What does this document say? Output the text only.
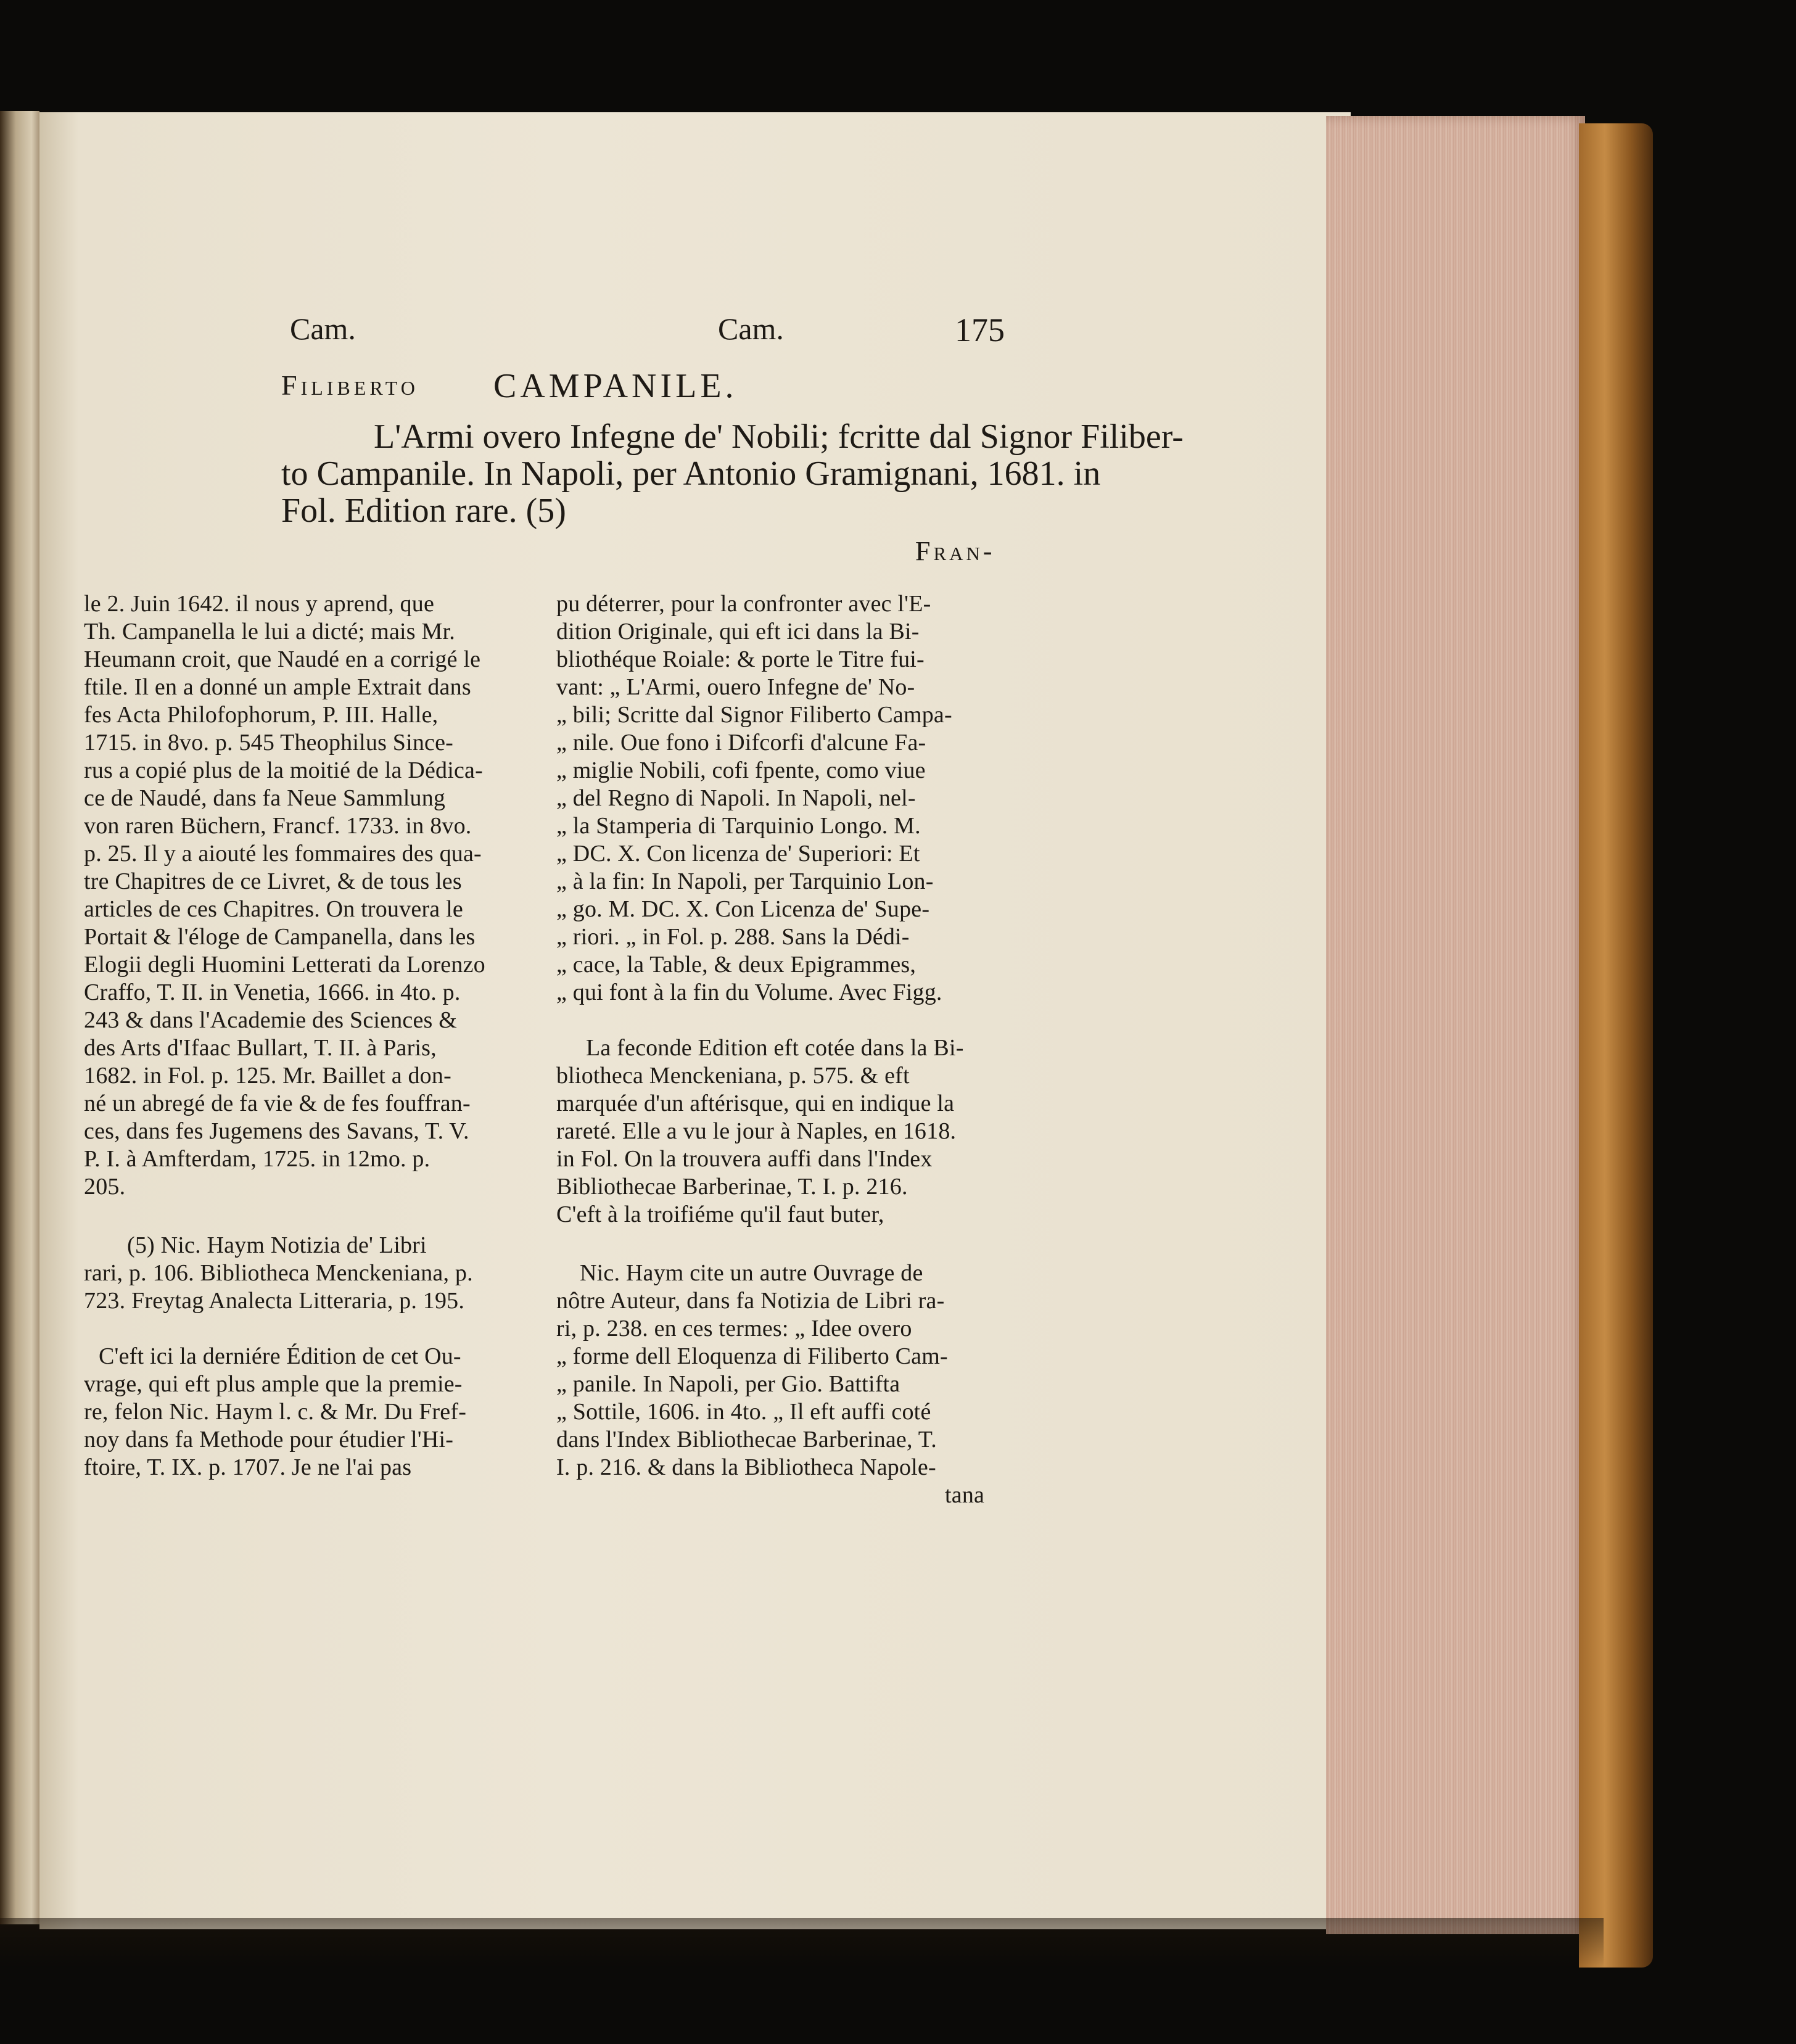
Cam.	Cam.	175
Filiberto CAMPANILE.
L'Armi overo Infegne de' Nobili; fcritte dal Signor Filiber-
to Campanile. In Napoli, per Antonio Gramignani, 1681. in
Fol. Edition rare. (5)
Fran-
le 2. Juin 1642. il nous y aprend, que
Th. Campanella le lui a dicté; mais Mr.
Heumann croit, que Naudé en a corrigé le
ftile. Il en a donné un ample Extrait dans
fes Acta Philofophorum, P. III. Halle,
1715. in 8vo. p. 545 Theophilus Since-
rus a copié plus de la moitié de la Dédica-
ce de Naudé, dans fa Neue Sammlung
von raren Büchern, Francf. 1733. in 8vo.
p. 25. Il y a aiouté les fommaires des qua-
tre Chapitres de ce Livret, & de tous les
articles de ces Chapitres. On trouvera le
Portait & l'éloge de Campanella, dans les
Elogii degli Huomini Letterati da Lorenzo
Craffo, T. II. in Venetia, 1666. in 4to. p.
243 & dans l'Academie des Sciences &
des Arts d'Ifaac Bullart, T. II. à Paris,
1682. in Fol. p. 125. Mr. Baillet a don-
né un abregé de fa vie & de fes fouffran-
ces, dans fes Jugemens des Savans, T. V.
P. I. à Amfterdam, 1725. in 12mo. p.
205.
(5) Nic. Haym Notizia de' Libri
rari, p. 106. Bibliotheca Menckeniana, p.
723. Freytag Analecta Litteraria, p. 195.
C'eft ici la derniére Édition de cet Ou-
vrage, qui eft plus ample que la premie-
re, felon Nic. Haym l. c. & Mr. Du Fref-
noy dans fa Methode pour étudier l'Hi-
ftoire, T. IX. p. 1707. Je ne l'ai pas
pu déterrer, pour la confronter avec l'E-
dition Originale, qui eft ici dans la Bi-
bliothéque Roiale: & porte le Titre fui-
vant: „ L'Armi, ouero Infegne de' No-
„ bili; Scritte dal Signor Filiberto Campa-
„ nile. Oue fono i Difcorfi d'alcune Fa-
„ miglie Nobili, cofi fpente, como viue
„ del Regno di Napoli. In Napoli, nel-
„ la Stamperia di Tarquinio Longo. M.
„ DC. X. Con licenza de' Superiori: Et
„ à la fin: In Napoli, per Tarquinio Lon-
„ go. M. DC. X. Con Licenza de' Supe-
„ riori. „ in Fol. p. 288. Sans la Dédi-
„ cace, la Table, & deux Epigrammes,
„ qui font à la fin du Volume. Avec Figg.
La feconde Edition eft cotée dans la Bi-
bliotheca Menckeniana, p. 575. & eft
marquée d'un aftérisque, qui en indique la
rareté. Elle a vu le jour à Naples, en 1618.
in Fol. On la trouvera auffi dans l'Index
Bibliothecae Barberinae, T. I. p. 216.
C'eft à la troifiéme qu'il faut buter,
Nic. Haym cite un autre Ouvrage de
nôtre Auteur, dans fa Notizia de Libri ra-
ri, p. 238. en ces termes: „ Idee overo
„ forme dell Eloquenza di Filiberto Cam-
„ panile. In Napoli, per Gio. Battifta
„ Sottile, 1606. in 4to. „ Il eft auffi coté
dans l'Index Bibliothecae Barberinae, T.
I. p. 216. & dans la Bibliotheca Napole-
tana
